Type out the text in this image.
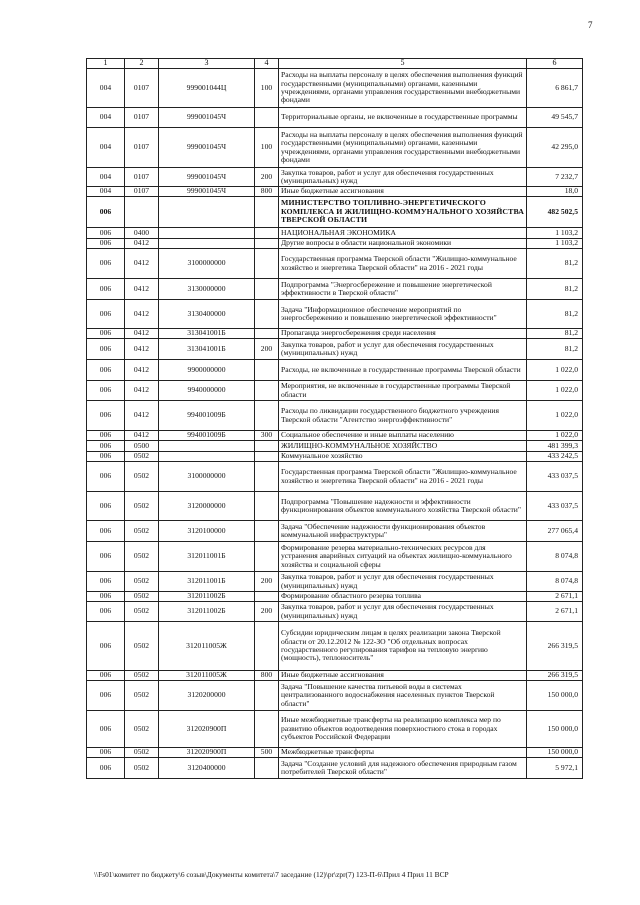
7
1	2	3	4	5	6
004	0107	999001044Ц	100	Расходы на выплаты персоналу в целях обеспечения выполнения функций государственными (муниципальными) органами, казенными учреждениями, органами управления государственными внебюджетными фондами	6 861,7
004	0107	999001045Ч		Территориальные органы, не включенные в государственные программы	49 545,7
004	0107	999001045Ч	100	Расходы на выплаты персоналу в целях обеспечения выполнения функций государственными (муниципальными) органами, казенными учреждениями, органами управления государственными внебюджетными фондами	42 295,0
004	0107	999001045Ч	200	Закупка товаров, работ и услуг для обеспечения государственных (муниципальных) нужд	7 232,7
004	0107	999001045Ч	800	Иные бюджетные ассигнования	18,0
006				МИНИСТЕРСТВО ТОПЛИВНО-ЭНЕРГЕТИЧЕСКОГО КОМПЛЕКСА И ЖИЛИЩНО-КОММУНАЛЬНОГО ХОЗЯЙСТВА ТВЕРСКОЙ ОБЛАСТИ	482 502,5
006	0400			НАЦИОНАЛЬНАЯ ЭКОНОМИКА	1 103,2
006	0412			Другие вопросы в области национальной экономики	1 103,2
006	0412	3100000000		Государственная программа Тверской области "Жилищно-коммунальное хозяйство и энергетика Тверской области" на 2016 - 2021 годы	81,2
006	0412	3130000000		Подпрограмма "Энергосбережение и повышение энергетической эффективности в Тверской области"	81,2
006	0412	3130400000		Задача "Информационное обеспечение мероприятий по энергосбережению и повышению энергетической эффективности"	81,2
006	0412	313041001Б		Пропаганда энергосбережения среди населения	81,2
006	0412	313041001Б	200	Закупка товаров, работ и услуг для обеспечения государственных (муниципальных) нужд	81,2
006	0412	9900000000		Расходы, не включенные в государственные программы Тверской области	1 022,0
006	0412	9940000000		Мероприятия, не включенные в государственные программы Тверской области	1 022,0
006	0412	994001009Б		Расходы по ликвидации государственного бюджетного учреждения Тверской области "Агентство энергоэффективности"	1 022,0
006	0412	994001009Б	300	Социальное обеспечение и иные выплаты населению	1 022,0
006	0500			ЖИЛИЩНО-КОММУНАЛЬНОЕ ХОЗЯЙСТВО	481 399,3
006	0502			Коммунальное хозяйство	433 242,5
006	0502	3100000000		Государственная программа Тверской области "Жилищно-коммунальное хозяйство и энергетика Тверской области" на 2016 - 2021 годы	433 037,5
006	0502	3120000000		Подпрограмма "Повышение надежности и эффективности функционирования объектов коммунального хозяйства Тверской области"	433 037,5
006	0502	3120100000		Задача "Обеспечение надежности функционирования объектов коммунальной инфраструктуры"	277 065,4
006	0502	312011001Б		Формирование резерва материально-технических ресурсов для устранения аварийных ситуаций на объектах жилищно-коммунального хозяйства и социальной сферы	8 074,8
006	0502	312011001Б	200	Закупка товаров, работ и услуг для обеспечения государственных (муниципальных) нужд	8 074,8
006	0502	312011002Б		Формирование областного резерва топлива	2 671,1
006	0502	312011002Б	200	Закупка товаров, работ и услуг для обеспечения государственных (муниципальных) нужд	2 671,1
006	0502	312011005Ж		Субсидии юридическим лицам в целях реализации закона Тверской области от 20.12.2012 № 122-ЗО "Об отдельных вопросах государственного регулирования тарифов на тепловую энергию (мощность), теплоноситель"	266 319,5
006	0502	312011005Ж	800	Иные бюджетные ассигнования	266 319,5
006	0502	3120200000		Задача "Повышение качества питьевой воды в системах централизованного водоснабжения населенных пунктов Тверской области"	150 000,0
006	0502	312020900П		Иные межбюджетные трансферты на реализацию комплекса мер по развитию объектов водоотведения поверхностного стока в городах субъектов Российской Федерации	150 000,0
006	0502	312020900П	500	Межбюджетные трансферты	150 000,0
006	0502	3120400000		Задача "Создание условий для надежного обеспечения природным газом потребителей Тверской области"	5 972,1
\\Fs01\комитет по бюджету\6 созыв\Документы комитета\7 заседание (12)\pr\zpr(7) 123-П-6\Прил 4 Прил 11 ВСР
